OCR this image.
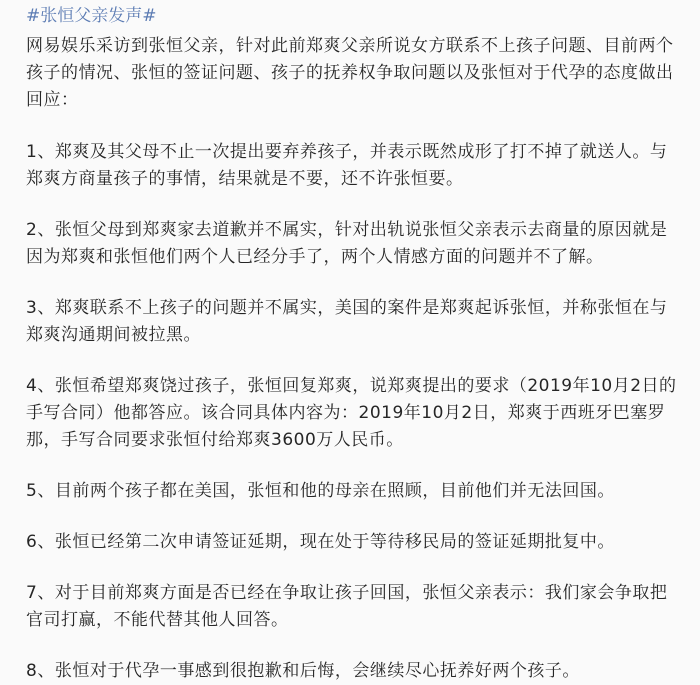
#张恒父亲发声#

网易娱乐采访到张恒父亲，针对此前郑爽父亲所说女方联系不上孩子问题、目前两个孩子的情况、张恒的签证问题、孩子的抚养权争取问题以及张恒对于代孕的态度做出回应：

1、郑爽及其父母不止一次提出要弃养孩子，并表示既然成形了打不掉了就送人。与郑爽方商量孩子的事情，结果就是不要，还不许张恒要。

2、张恒父母到郑爽家去道歉并不属实，针对出轨说张恒父亲表示去商量的原因就是因为郑爽和张恒他们两个人已经分手了，两个人情感方面的问题并不了解。

3、郑爽联系不上孩子的问题并不属实，美国的案件是郑爽起诉张恒，并称张恒在与郑爽沟通期间被拉黑。

4、张恒希望郑爽饶过孩子，张恒回复郑爽，说郑爽提出的要求（2019年10月2日的手写合同）他都答应。该合同具体内容为：2019年10月2日，郑爽于西班牙巴塞罗那，手写合同要求张恒付给郑爽3600万人民币。

5、目前两个孩子都在美国，张恒和他的母亲在照顾，目前他们并无法回国。

6、张恒已经第二次申请签证延期，现在处于等待移民局的签证延期批复中。

7、对于目前郑爽方面是否已经在争取让孩子回国，张恒父亲表示：我们家会争取把官司打赢，不能代替其他人回答。

8、张恒对于代孕一事感到很抱歉和后悔，会继续尽心抚养好两个孩子。
